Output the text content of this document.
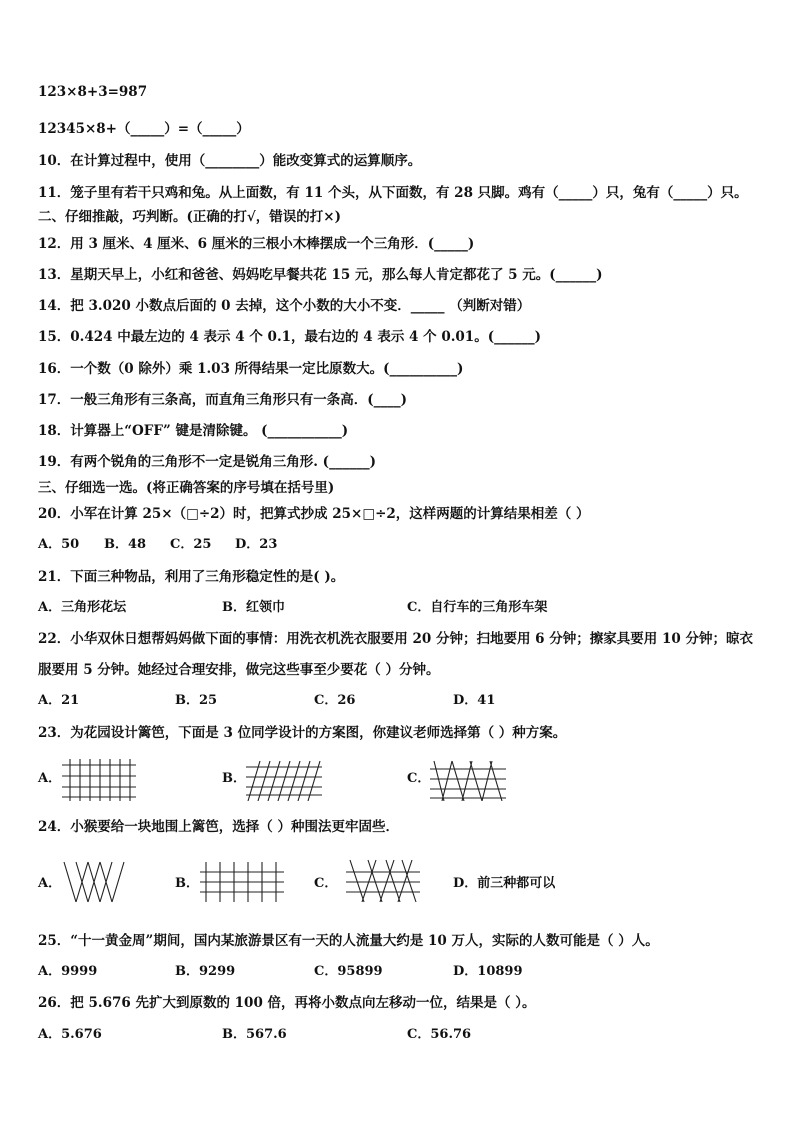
123×8+3=987
12345×8+（_____）=（_____）
10．在计算过程中，使用（________）能改变算式的运算顺序。
11．笼子里有若干只鸡和兔。从上面数，有 11 个头，从下面数，有 28 只脚。鸡有（_____）只，兔有（_____）只。
二、仔细推敲，巧判断。(正确的打√，错误的打×)
12．用 3 厘米、4 厘米、6 厘米的三根小木棒摆成一个三角形．(_____)
13．星期天早上，小红和爸爸、妈妈吃早餐共花 15 元，那么每人肯定都花了 5 元。(______)
14．把 3.020 小数点后面的 0 去掉，这个小数的大小不变．_____ （判断对错）
15．0.424 中最左边的 4 表示 4 个 0.1，最右边的 4 表示 4 个 0.01。(______)
16．一个数（0 除外）乘 1.03 所得结果一定比原数大。(__________)
17．一般三角形有三条高，而直角三角形只有一条高．(____)
18．计算器上“OFF” 键是清除键。 (___________)
19．有两个锐角的三角形不一定是锐角三角形. (______)
三、仔细选一选。(将正确答案的序号填在括号里)
20．小军在计算 25×（□÷2）时，把算式抄成 25×□÷2，这样两题的计算结果相差（ ）
A．50 B．48 C．25 D．23
21．下面三种物品，利用了三角形稳定性的是( )。
A．三角形花坛	B．红领巾	C．自行车的三角形车架
22．小华双休日想帮妈妈做下面的事情：用洗衣机洗衣服要用 20 分钟；扫地要用 6 分钟；擦家具要用 10 分钟；晾衣
服要用 5 分钟。她经过合理安排，做完这些事至少要花（ ）分钟。
A．21	B．25	C．26	D．41
23．为花园设计篱笆，下面是 3 位同学设计的方案图，你建议老师选择第（ ）种方案。
A．	B．	C．
24．小猴要给一块地围上篱笆，选择（ ）种围法更牢固些．
A．	B．	C．	D．前三种都可以
25．“十一黄金周”期间，国内某旅游景区有一天的人流量大约是 10 万人，实际的人数可能是（ ）人。
A．9999	B．9299	C．95899	D．10899
26．把 5.676 先扩大到原数的 100 倍，再将小数点向左移动一位，结果是（ ）。
A．5.676	B．567.6	C．56.76
